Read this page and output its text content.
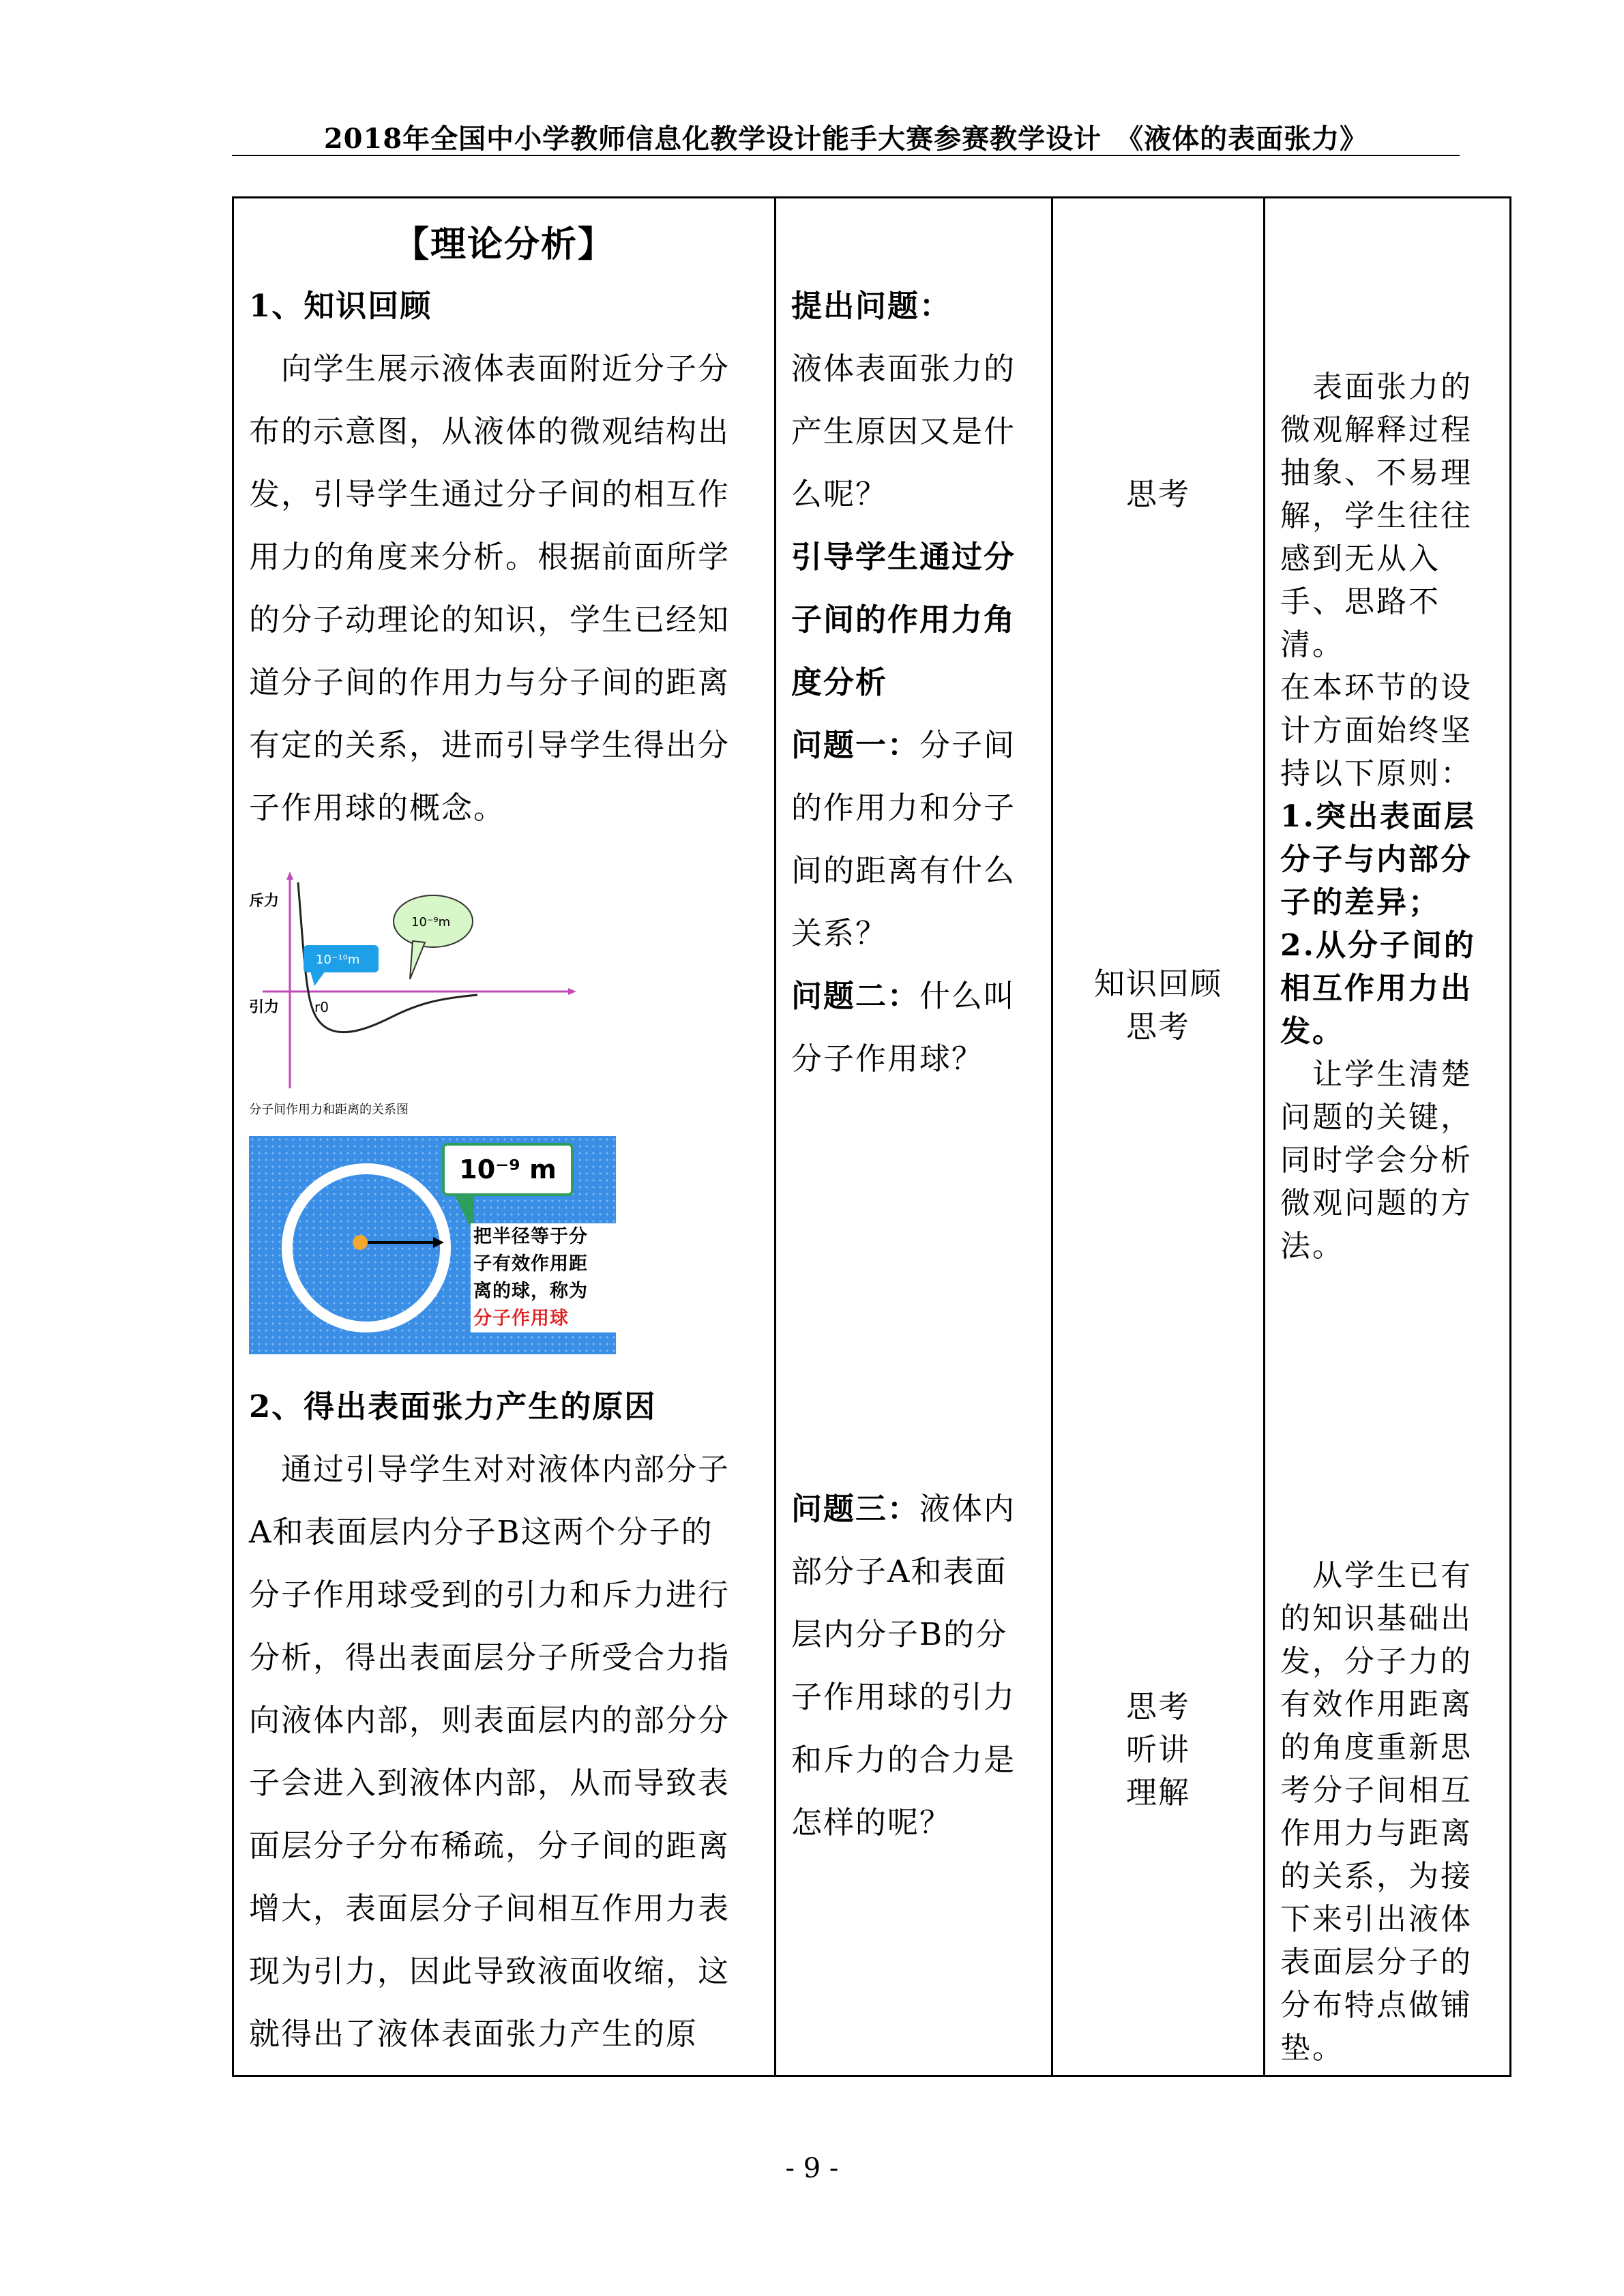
2018年全国中小学教师信息化教学设计能手大赛参赛教学设计　《液体的表面张力》
【理论分析】
1、知识回顾
　向学生展示液体表面附近分子分
布的示意图，从液体的微观结构出
发，引导学生通过分子间的相互作
用力的角度来分析。根据前面所学
的分子动理论的知识，学生已经知
道分子间的作用力与分子间的距离
有定的关系，进而引导学生得出分
子作用球的概念。
斥力
引力	r0
10⁻¹⁰m
10⁻⁹m
分子间作用力和距离的关系图
10⁻⁹ m
把半径等于分
子有效作用距
离的球，称为
分子作用球
2、得出表面张力产生的原因
　通过引导学生对对液体内部分子
A和表面层内分子B这两个分子的
分子作用球受到的引力和斥力进行
分析，得出表面层分子所受合力指
向液体内部，则表面层内的部分分
子会进入到液体内部，从而导致表
面层分子分布稀疏，分子间的距离
增大，表面层分子间相互作用力表
现为引力，因此导致液面收缩，这
就得出了液体表面张力产生的原
提出问题：
液体表面张力的
产生原因又是什
么呢？
引导学生通过分
子间的作用力角
度分析
问题一：分子间
的作用力和分子
间的距离有什么
关系？
问题二：什么叫
分子作用球？
问题三：液体内
部分子A和表面
层内分子B的分
子作用球的引力
和斥力的合力是
怎样的呢？
思考
知识回顾
思考
思考
听讲
理解
　表面张力的
微观解释过程
抽象、不易理
解，学生往往
感到无从入
手、思路不
清。
在本环节的设
计方面始终坚
持以下原则：
1.突出表面层
分子与内部分
子的差异；
2.从分子间的
相互作用力出
发。
　让学生清楚
问题的关键，
同时学会分析
微观问题的方
法。
　从学生已有
的知识基础出
发，分子力的
有效作用距离
的角度重新思
考分子间相互
作用力与距离
的关系，为接
下来引出液体
表面层分子的
分布特点做铺
垫。
- 9 -
